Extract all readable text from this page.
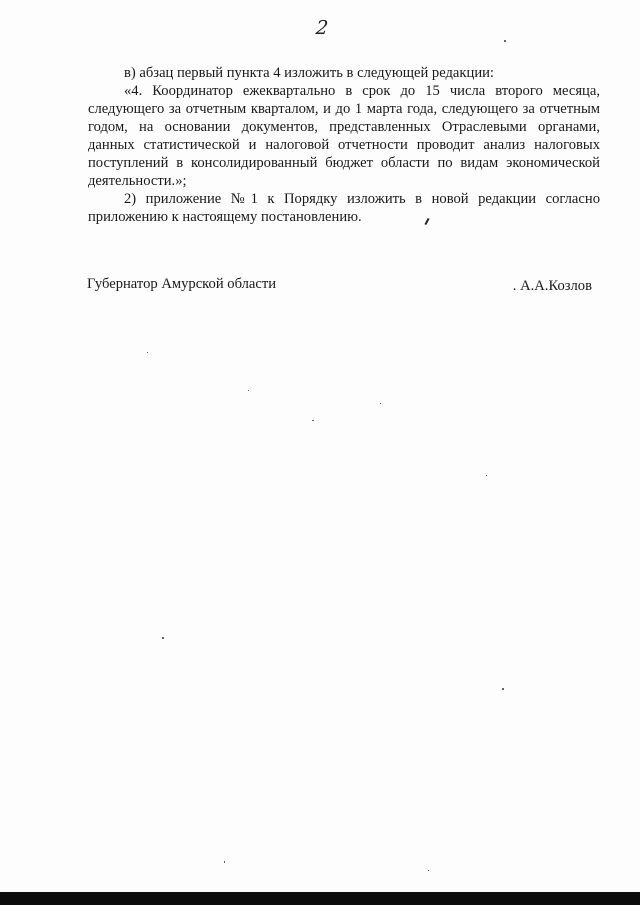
2

в) абзац первый пункта 4 изложить в следующей редакции:

«4. Координатор ежеквартально в срок до 15 числа второго месяца, следующего за отчетным кварталом, и до 1 марта года, следующего за отчетным годом, на основании документов, представленных Отраслевыми органами, данных статистической и налоговой отчетности проводит анализ налоговых поступлений в консолидированный бюджет области по видам экономической деятельности.»;

2) приложение №1 к Порядку изложить в новой редакции согласно приложению к настоящему постановлению.

Губернатор Амурской области	. А.А.Козлов
